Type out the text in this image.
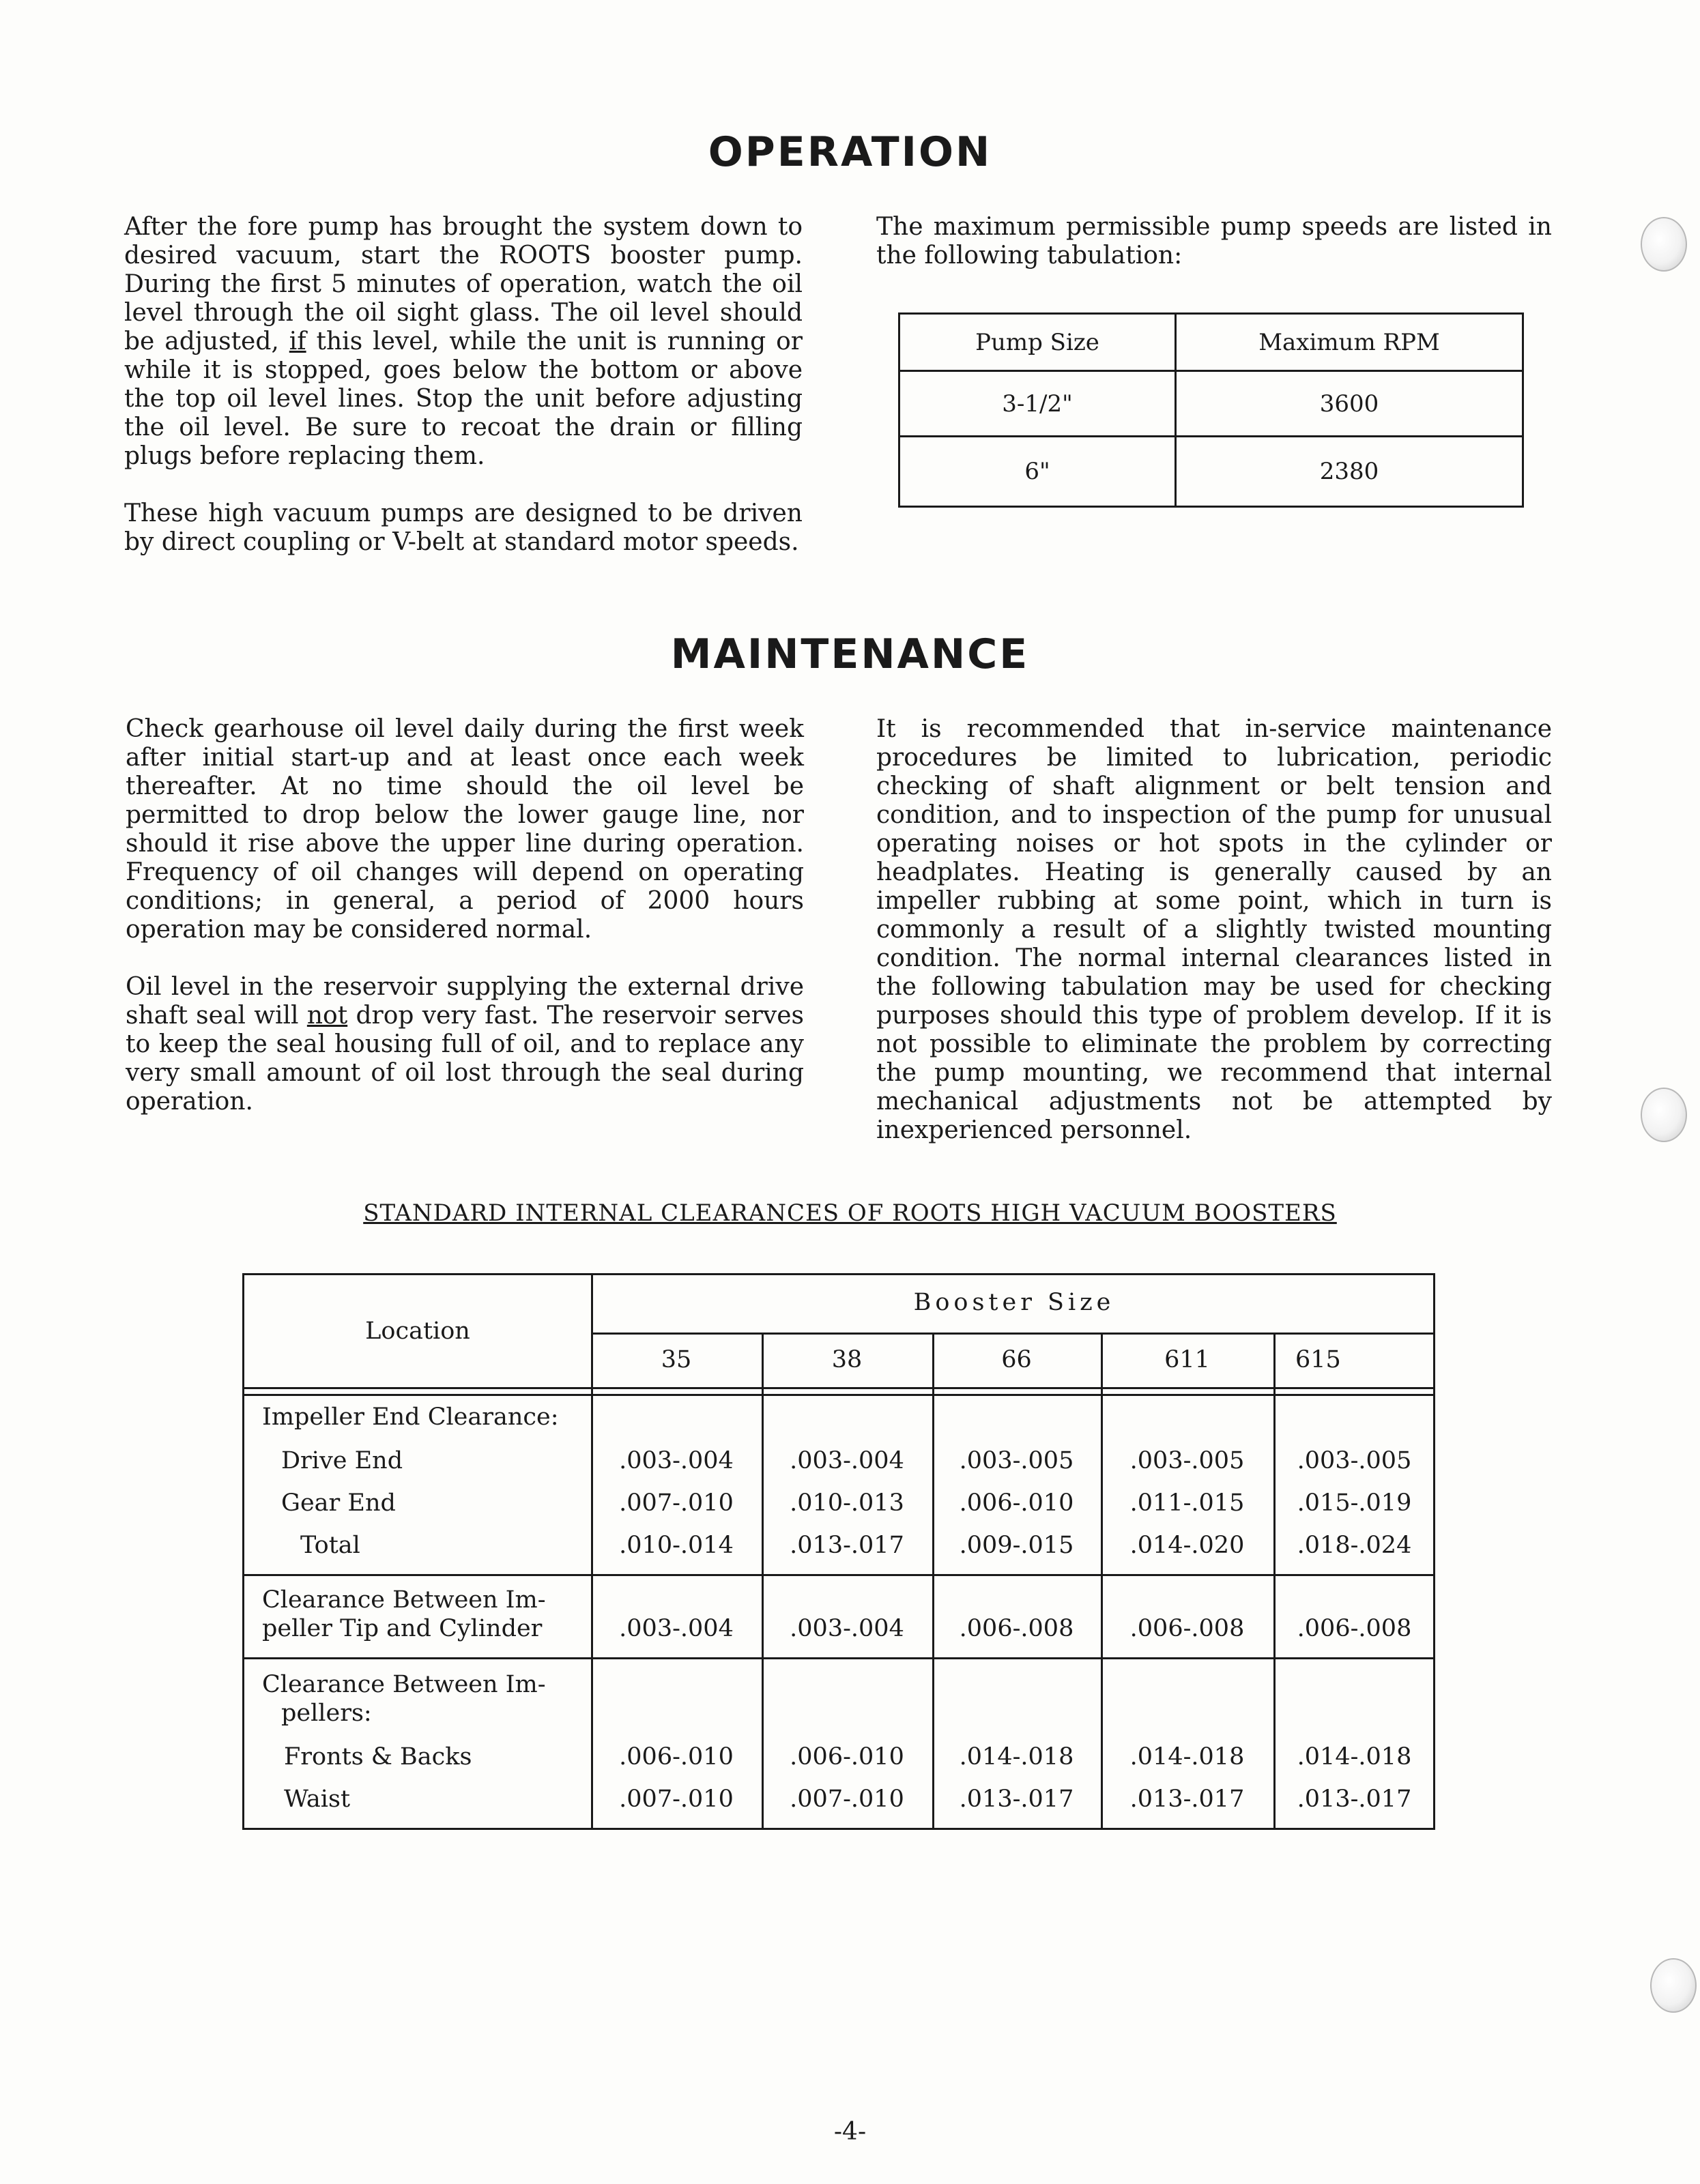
OPERATION

After the fore pump has brought the system down to desired vacuum, start the ROOTS booster pump. During the first 5 minutes of operation, watch the oil level through the oil sight glass. The oil level should be adjusted, if this level, while the unit is running or while it is stopped, goes below the bottom or above the top oil level lines. Stop the unit before adjusting the oil level. Be sure to recoat the drain or filling plugs before replacing them.

These high vacuum pumps are designed to be driven by direct coupling or V-belt at standard motor speeds.

The maximum permissible pump speeds are listed in the following tabulation:

Pump Size	Maximum RPM
3-1/2"	3600
6"	2380
MAINTENANCE

Check gearhouse oil level daily during the first week after initial start-up and at least once each week thereafter. At no time should the oil level be permitted to drop below the lower gauge line, nor should it rise above the upper line during operation. Frequency of oil changes will depend on operating conditions; in general, a period of 2000 hours operation may be considered normal.

Oil level in the reservoir supplying the external drive shaft seal will not drop very fast. The reservoir serves to keep the seal housing full of oil, and to replace any very small amount of oil lost through the seal during operation.

It is recommended that in-service maintenance procedures be limited to lubrication, periodic checking of shaft alignment or belt tension and condition, and to inspection of the pump for unusual operating noises or hot spots in the cylinder or headplates. Heating is generally caused by an impeller rubbing at some point, which in turn is commonly a result of a slightly twisted mounting condition. The normal internal clearances listed in the following tabulation may be used for checking purposes should this type of problem develop. If it is not possible to eliminate the problem by correcting the pump mounting, we recommend that internal mechanical adjustments not be attempted by inexperienced personnel.

STANDARD INTERNAL CLEARANCES OF ROOTS HIGH VACUUM BOOSTERS
Location
Booster Size
35	38	66	611	615
Impeller End Clearance:
Drive End	.003-.004	.003-.004	.003-.005	.003-.005	.003-.005
Gear End	.007-.010	.010-.013	.006-.010	.011-.015	.015-.019
Total	.010-.014	.013-.017	.009-.015	.014-.020	.018-.024
Clearance Between Im-
peller Tip and Cylinder	.003-.004	.003-.004	.006-.008	.006-.008	.006-.008
Clearance Between Im-
pellers:
Fronts & Backs	.006-.010	.006-.010	.014-.018	.014-.018	.014-.018
Waist	.007-.010	.007-.010	.013-.017	.013-.017	.013-.017
-4-
